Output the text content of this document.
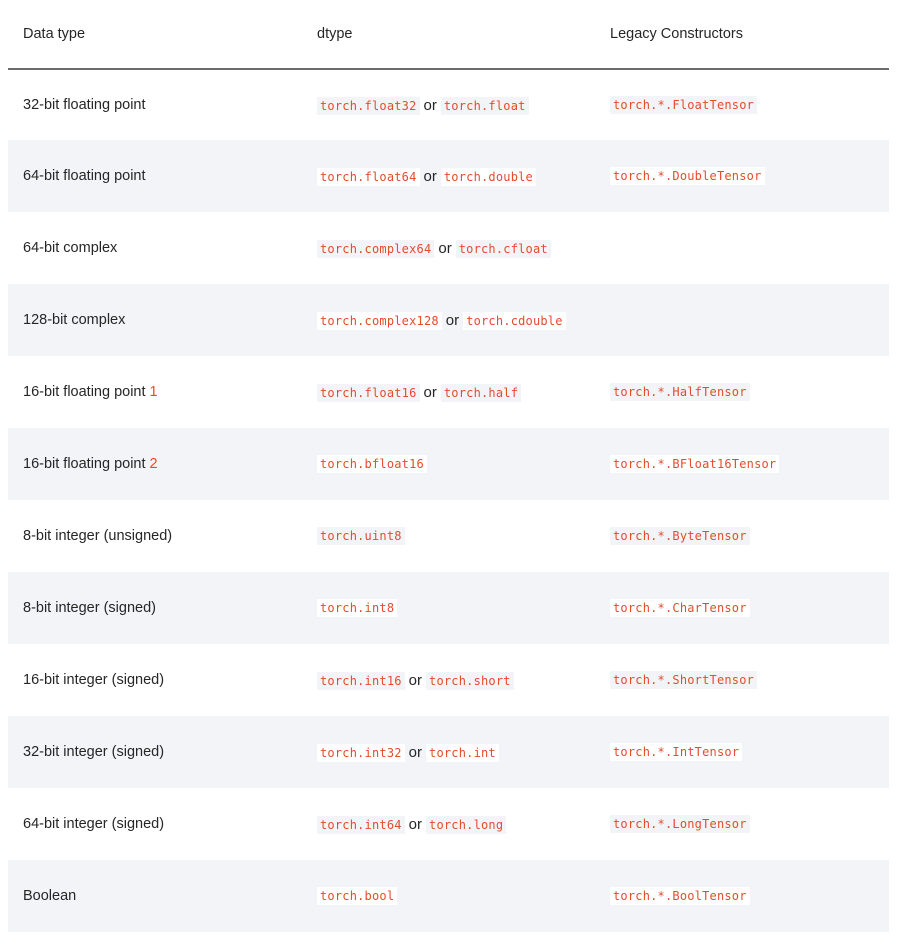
Data type	dtype	Legacy Constructors
32-bit floating point	torch.float32 or torch.float	torch.*.FloatTensor
64-bit floating point	torch.float64 or torch.double	torch.*.DoubleTensor
64-bit complex	torch.complex64 or torch.cfloat	
128-bit complex	torch.complex128 or torch.cdouble	
16-bit floating point 1	torch.float16 or torch.half	torch.*.HalfTensor
16-bit floating point 2	torch.bfloat16	torch.*.BFloat16Tensor
8-bit integer (unsigned)	torch.uint8	torch.*.ByteTensor
8-bit integer (signed)	torch.int8	torch.*.CharTensor
16-bit integer (signed)	torch.int16 or torch.short	torch.*.ShortTensor
32-bit integer (signed)	torch.int32 or torch.int	torch.*.IntTensor
64-bit integer (signed)	torch.int64 or torch.long	torch.*.LongTensor
Boolean	torch.bool	torch.*.BoolTensor
